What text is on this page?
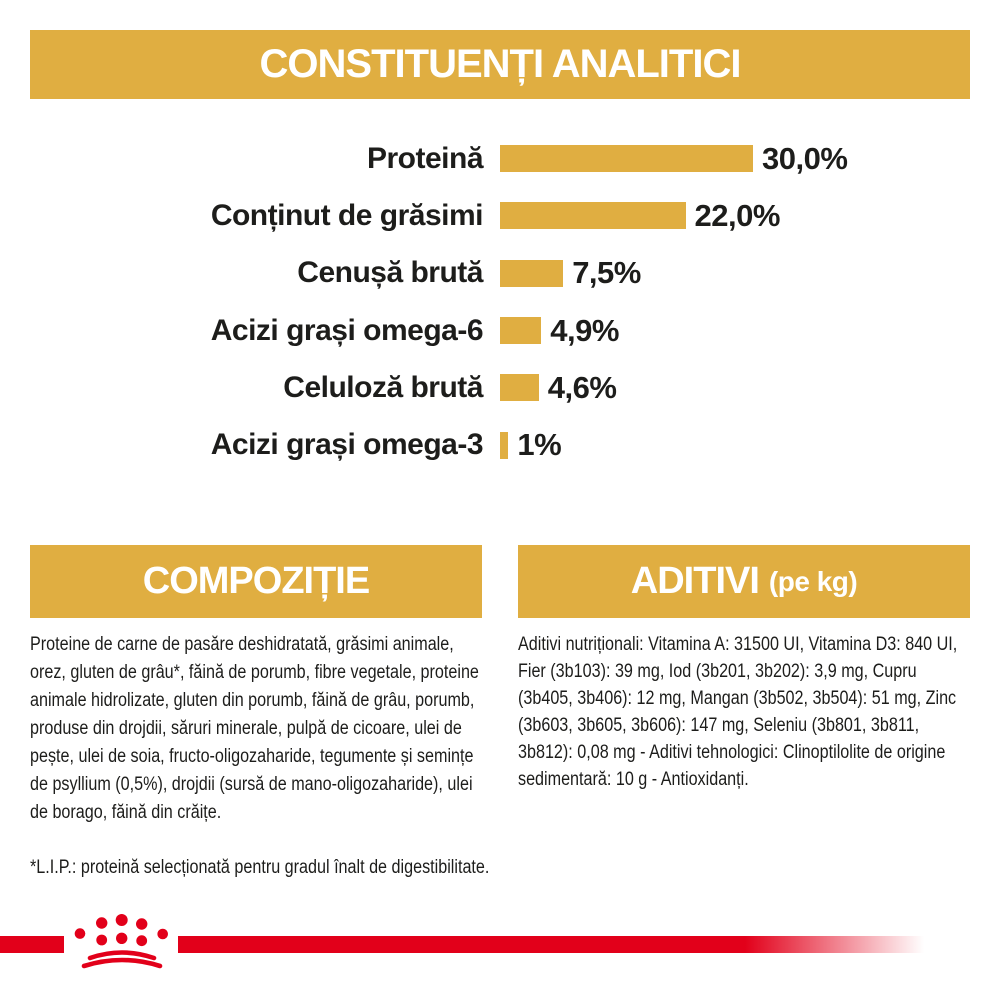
CONSTITUENȚI ANALITICI
Proteină	30,0%
Conținut de grăsimi	22,0%
Cenușă brută	7,5%
Acizi grași omega-6 4,9%
Celuloză brută 4,6%
Acizi grași omega-3 1%
COMPOZIȚIE	ADITIVI (pe kg)

Proteine de carne de pasăre deshidratată, grăsimi animale, orez, gluten de grâu*, făină de porumb, fibre vegetale, proteine animale hidrolizate, gluten din porumb, făină de grâu, porumb, produse din drojdii, săruri minerale, pulpă de cicoare, ulei de pește, ulei de soia, fructo-oligozaharide, tegumente și semințe de psyllium (0,5%), drojdii (sursă de mano-oligozaharide), ulei de borago, făină din crăițe.

*L.I.P.: proteină selecționată pentru gradul înalt de digestibilitate.

Aditivi nutriționali: Vitamina A: 31500 UI, Vitamina D3: 840 UI, Fier (3b103): 39 mg, Iod (3b201, 3b202): 3,9 mg, Cupru (3b405, 3b406): 12 mg, Mangan (3b502, 3b504): 51 mg, Zinc (3b603, 3b605, 3b606): 147 mg, Seleniu (3b801, 3b811, 3b812): 0,08 mg - Aditivi tehnologici: Clinoptilolite de origine sedimentară: 10 g - Antioxidanți.
